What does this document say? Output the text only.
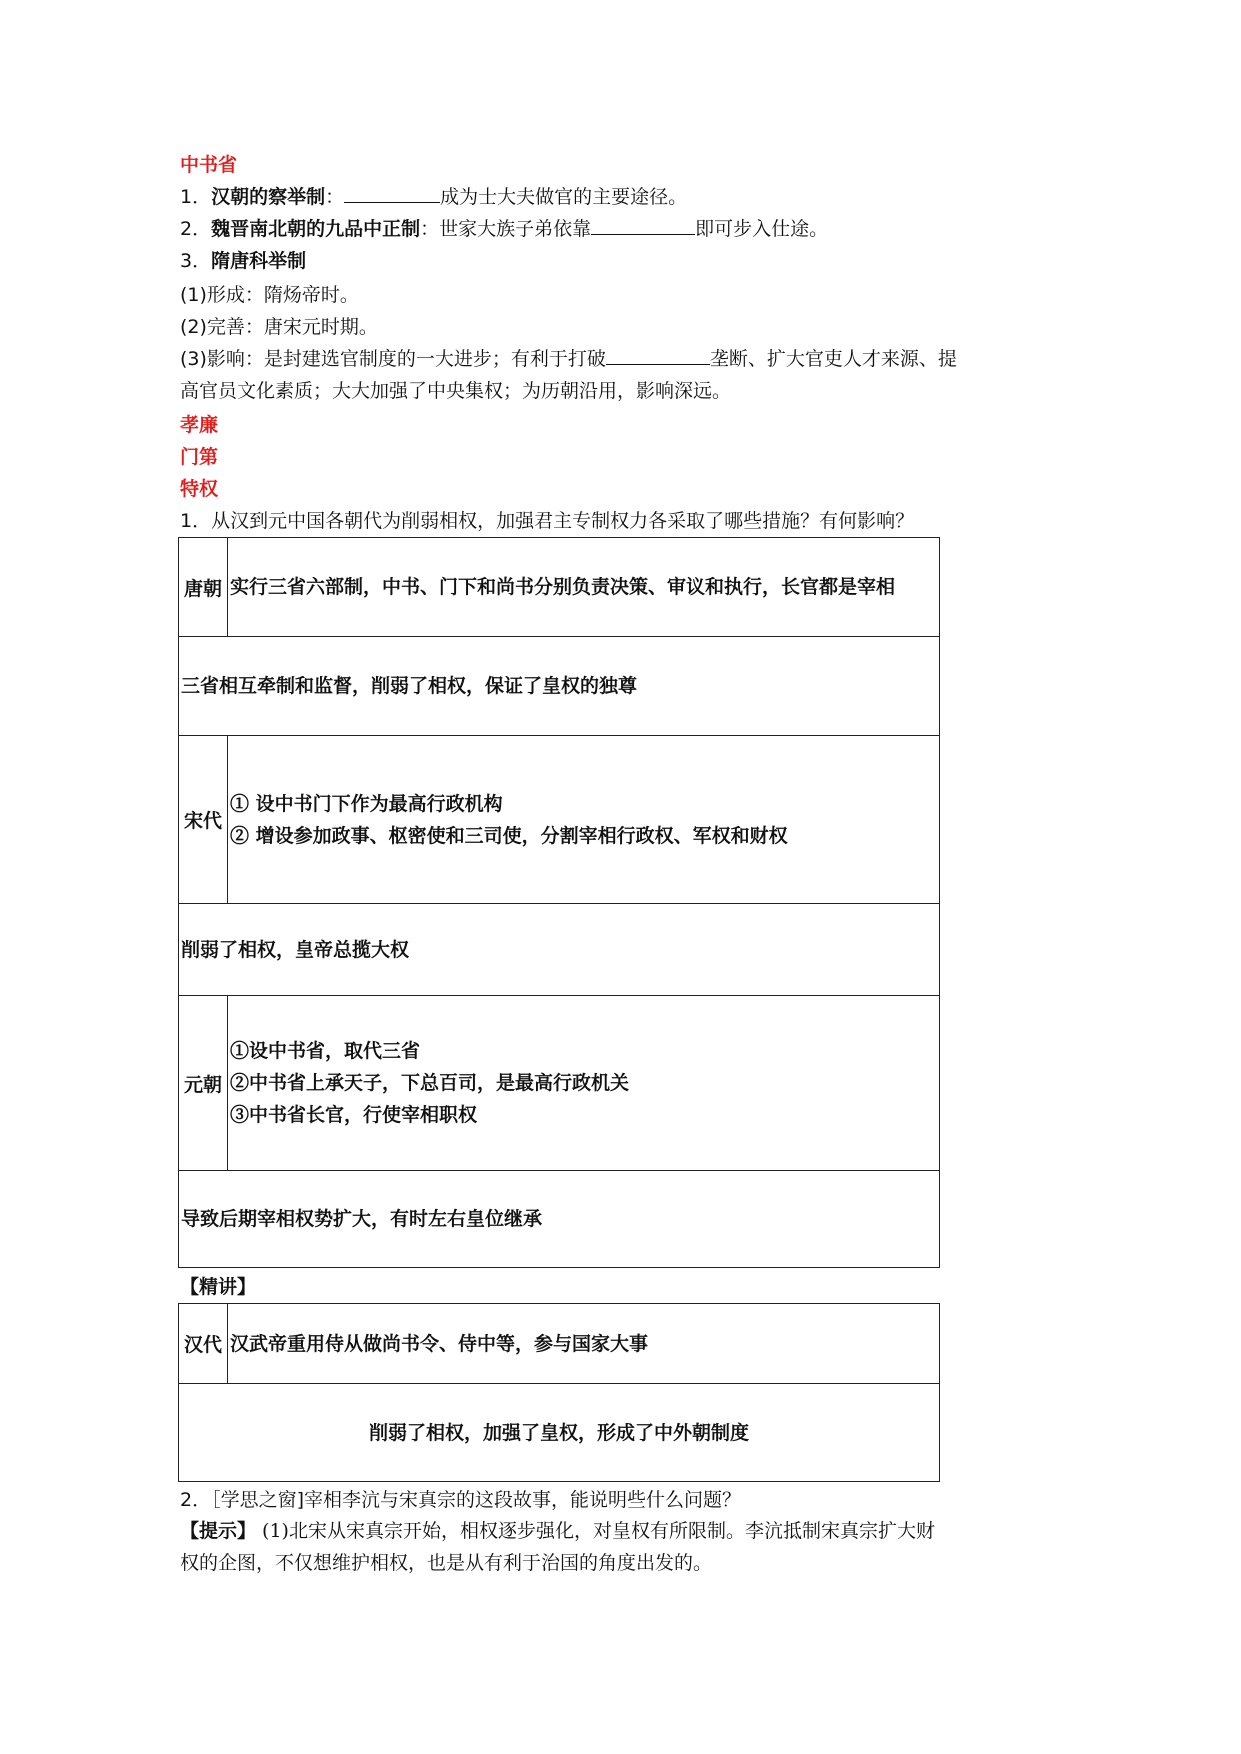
中书省
1．汉朝的察举制：	成为士大夫做官的主要途径。
2．魏晋南北朝的九品中正制：世家大族子弟依靠	即可步入仕途。
3．隋唐科举制
(1)形成：隋炀帝时。
(2)完善：唐宋元时期。
(3)影响：是封建选官制度的一大进步；有利于打破	垄断、扩大官吏人才来源、提
高官员文化素质；大大加强了中央集权；为历朝沿用，影响深远。
孝廉
门第
特权
1．从汉到元中国各朝代为削弱相权，加强君主专制权力各采取了哪些措施？有何影响？
唐朝	实行三省六部制，中书、门下和尚书分别负责决策、审议和执行，长官都是宰相
三省相互牵制和监督，削弱了相权，保证了皇权的独尊	
宋代	① 设中书门下作为最高行政机构
② 增设参加政事、枢密使和三司使，分割宰相行政权、军权和财权

削弱了相权，皇帝总揽大权	
元朝	①设中书省，取代三省
②中书省上承天子，下总百司，是最高行政机关
③中书省长官，行使宰相职权

导致后期宰相权势扩大，有时左右皇位继承	
【精讲】
汉代	汉武帝重用侍从做尚书令、侍中等，参与国家大事
削弱了相权，加强了皇权，形成了中外朝制度
2．［学思之窗]宰相李沆与宋真宗的这段故事，能说明些什么问题？
【提示】 (1)北宋从宋真宗开始，相权逐步强化，对皇权有所限制。李沆抵制宋真宗扩大财
权的企图，不仅想维护相权，也是从有利于治国的角度出发的。
